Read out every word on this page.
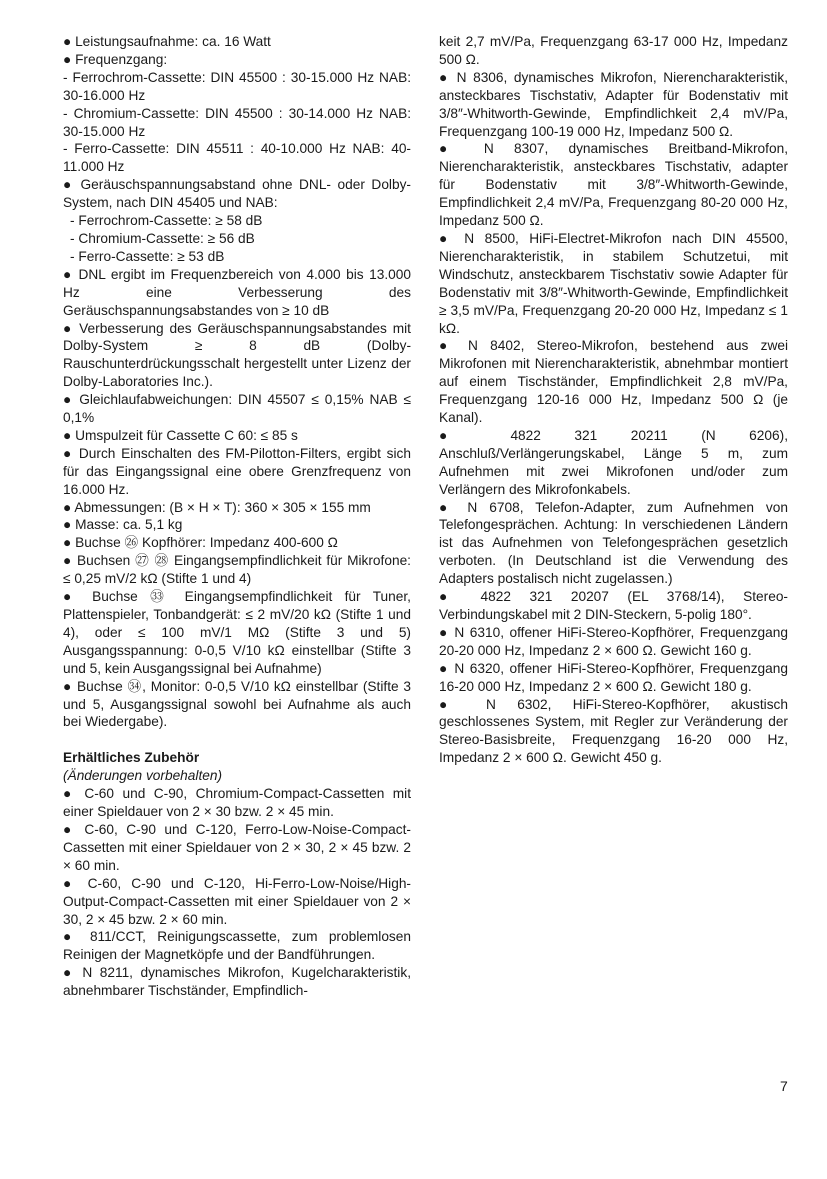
● Leistungsaufnahme: ca. 16 Watt

● Frequenzgang:

- Ferrochrom-Cassette: DIN 45500 : 30-15.000 Hz NAB: 30-16.000 Hz

- Chromium-Cassette: DIN 45500 : 30-14.000 Hz NAB: 30-15.000 Hz

- Ferro-Cassette: DIN 45511 : 40-10.000 Hz NAB: 40-11.000 Hz

● Geräuschspannungsabstand ohne DNL- oder Dolby-System, nach DIN 45405 und NAB:

- Ferrochrom-Cassette: ≥ 58 dB

- Chromium-Cassette: ≥ 56 dB

- Ferro-Cassette: ≥ 53 dB

● DNL ergibt im Frequenzbereich von 4.000 bis 13.000 Hz eine Verbesserung des Geräuschspannungsabstandes von ≥ 10 dB

● Verbesserung des Geräuschspannungsabstandes mit Dolby-System ≥ 8 dB (Dolby-Rauschunterdrückungsschalt hergestellt unter Lizenz der Dolby-Laboratories Inc.).

● Gleichlaufabweichungen: DIN 45507 ≤ 0,15% NAB ≤ 0,1%

● Umspulzeit für Cassette C 60: ≤ 85 s

● Durch Einschalten des FM-Pilotton-Filters, ergibt sich für das Eingangssignal eine obere Grenzfrequenz von 16.000 Hz.

● Abmessungen: (B × H × T): 360 × 305 × 155 mm

● Masse: ca. 5,1 kg

● Buchse ㉖ Kopfhörer: Impedanz 400-600 Ω

● Buchsen ㉗ ㉘ Eingangsempfindlichkeit für Mikrofone: ≤ 0,25 mV/2 kΩ (Stifte 1 und 4)

● Buchse ㉝ Eingangsempfindlichkeit für Tuner, Plattenspieler, Tonbandgerät: ≤ 2 mV/20 kΩ (Stifte 1 und 4), oder ≤ 100 mV/1 MΩ (Stifte 3 und 5) Ausgangsspannung: 0-0,5 V/10 kΩ einstellbar (Stifte 3 und 5, kein Ausgangssignal bei Aufnahme)

● Buchse ㉞, Monitor: 0-0,5 V/10 kΩ einstellbar (Stifte 3 und 5, Ausgangssignal sowohl bei Aufnahme als auch bei Wiedergabe).

Erhältliches Zubehör

(Änderungen vorbehalten)

● C-60 und C-90, Chromium-Compact-Cassetten mit einer Spieldauer von 2 × 30 bzw. 2 × 45 min.

● C-60, C-90 und C-120, Ferro-Low-Noise-Compact-Cassetten mit einer Spieldauer von 2 × 30, 2 × 45 bzw. 2 × 60 min.

● C-60, C-90 und C-120, Hi-Ferro-Low-Noise/High-Output-Compact-Cassetten mit einer Spieldauer von 2 × 30, 2 × 45 bzw. 2 × 60 min.

● 811/CCT, Reinigungscassette, zum problemlosen Reinigen der Magnetköpfe und der Bandführungen.

● N 8211, dynamisches Mikrofon, Kugelcharakteristik, abnehmbarer Tischständer, Empfindlich-

keit 2,7 mV/Pa, Frequenzgang 63-17 000 Hz, Impedanz 500 Ω.

● N 8306, dynamisches Mikrofon, Nierencharakteristik, ansteckbares Tischstativ, Adapter für Bodenstativ mit 3/8″-Whitworth-Gewinde, Empfindlichkeit 2,4 mV/Pa, Frequenzgang 100-19 000 Hz, Impedanz 500 Ω.

● N 8307, dynamisches Breitband-Mikrofon, Nierencharakteristik, ansteckbares Tischstativ, adapter für Bodenstativ mit 3/8″-Whitworth-Gewinde, Empfindlichkeit 2,4 mV/Pa, Frequenzgang 80-20 000 Hz, Impedanz 500 Ω.

● N 8500, HiFi-Electret-Mikrofon nach DIN 45500, Nierencharakteristik, in stabilem Schutzetui, mit Windschutz, ansteckbarem Tischstativ sowie Adapter für Bodenstativ mit 3/8″-Whitworth-Gewinde, Empfindlichkeit ≥ 3,5 mV/Pa, Frequenzgang 20-20 000 Hz, Impedanz ≤ 1 kΩ.

● N 8402, Stereo-Mikrofon, bestehend aus zwei Mikrofonen mit Nierencharakteristik, abnehmbar montiert auf einem Tischständer, Empfindlichkeit 2,8 mV/Pa, Frequenzgang 120-16 000 Hz, Impedanz 500 Ω (je Kanal).

● 4822 321 20211 (N 6206), Anschluß/Verlängerungskabel, Länge 5 m, zum Aufnehmen mit zwei Mikrofonen und/oder zum Verlängern des Mikrofonkabels.

● N 6708, Telefon-Adapter, zum Aufnehmen von Telefongesprächen. Achtung: In verschiedenen Ländern ist das Aufnehmen von Telefongesprächen gesetzlich verboten. (In Deutschland ist die Verwendung des Adapters postalisch nicht zugelassen.)

● 4822 321 20207 (EL 3768/14), Stereo-Verbindungskabel mit 2 DIN-Steckern, 5-polig 180°.

● N 6310, offener HiFi-Stereo-Kopfhörer, Frequenzgang 20-20 000 Hz, Impedanz 2 × 600 Ω. Gewicht 160 g.

● N 6320, offener HiFi-Stereo-Kopfhörer, Frequenzgang 16-20 000 Hz, Impedanz 2 × 600 Ω. Gewicht 180 g.

● N 6302, HiFi-Stereo-Kopfhörer, akustisch geschlossenes System, mit Regler zur Veränderung der Stereo-Basisbreite, Frequenzgang 16-20 000 Hz, Impedanz 2 × 600 Ω. Gewicht 450 g.

7
